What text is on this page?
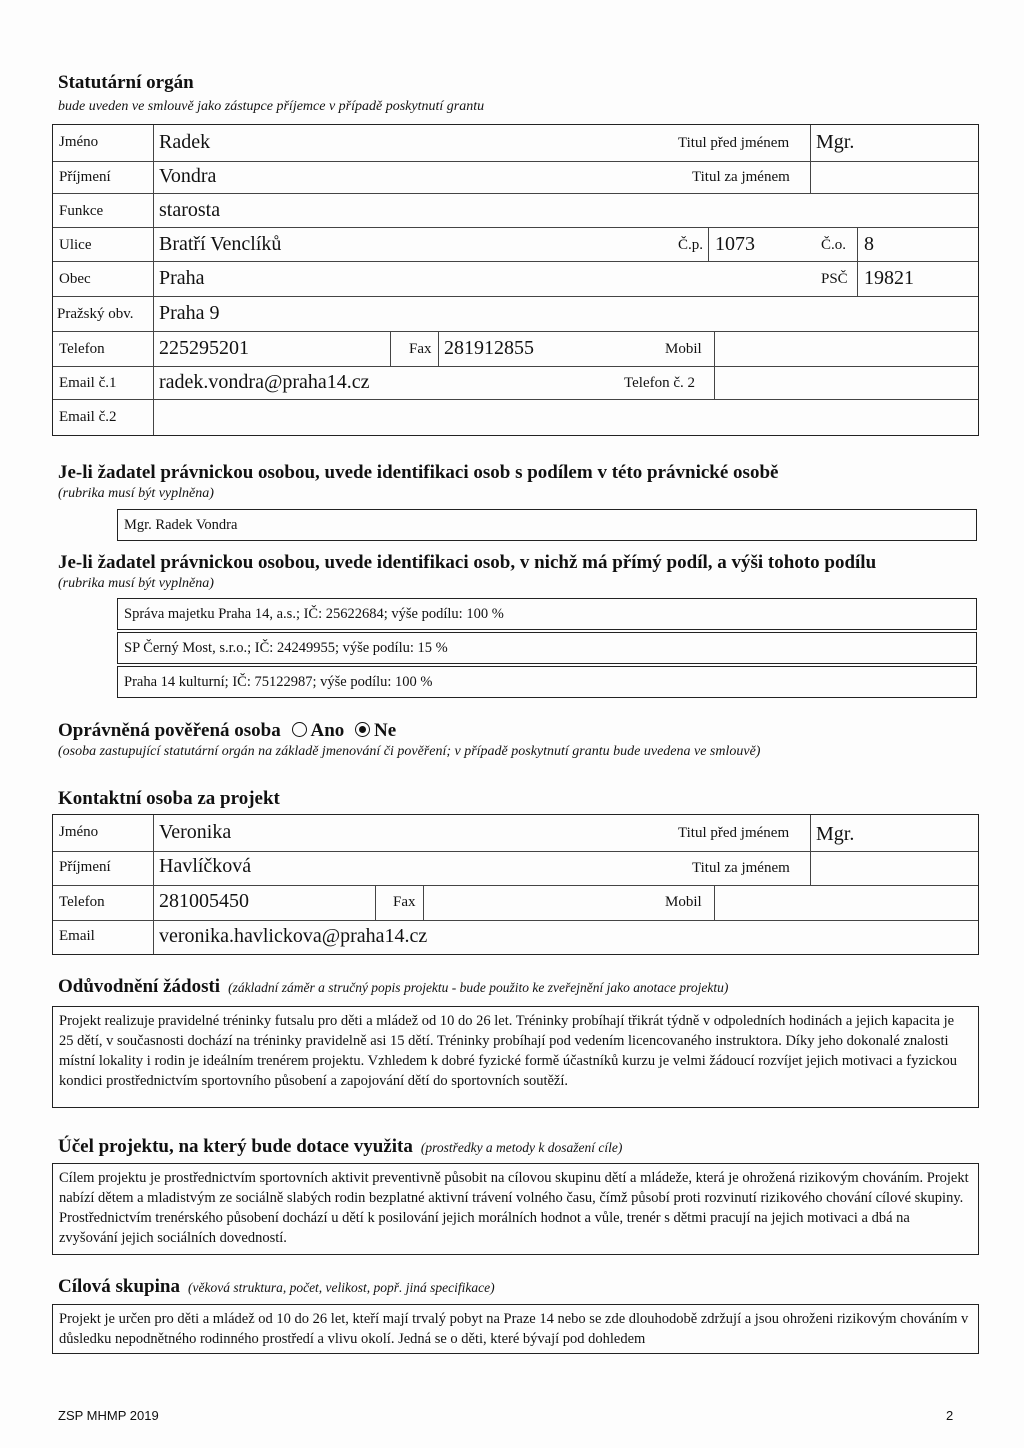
Statutární orgán
bude uveden ve smlouvě jako zástupce příjemce v případě poskytnutí grantu
Jméno	Radek	Titul před jménem Mgr.
Příjmení Vondra	Titul za jménem
Funkce	starosta
Ulice	Bratří Venclíků	Č.p. 1073	Č.o. 8
Obec	Praha	PSČ 19821
Pražský obv. Praha 9
Telefon	225295201	Fax 281912855	Mobil
Email č.1 radek.vondra@praha14.cz	Telefon č. 2
Email č.2
Je-li žadatel právnickou osobou, uvede identifikaci osob s podílem v této právnické osobě
(rubrika musí být vyplněna)
Mgr. Radek Vondra
Je-li žadatel právnickou osobou, uvede identifikaci osob, v nichž má přímý podíl, a výši tohoto podílu
(rubrika musí být vyplněna)
Správa majetku Praha 14, a.s.; IČ: 25622684; výše podílu: 100 %
SP Černý Most, s.r.o.; IČ: 24249955; výše podílu: 15 %
Praha 14 kulturní; IČ: 75122987; výše podílu: 100 %
Oprávněná pověřená osoba Ano Ne
(osoba zastupující statutární orgán na základě jmenování či pověření; v případě poskytnutí grantu bude uvedena ve smlouvě)
Kontaktní osoba za projekt
Jméno	Veronika	Titul před jménem Mgr.
Příjmení Havlíčková	Titul za jménem
Telefon	281005450	Fax	Mobil
Email	veronika.havlickova@praha14.cz
Odůvodnění žádosti (základní záměr a stručný popis projektu - bude použito ke zveřejnění jako anotace projektu)
Projekt realizuje pravidelné tréninky futsalu pro děti a mládež od 10 do 26 let. Tréninky probíhají třikrát týdně v odpoledních hodinách a jejich kapacita je 25 dětí, v současnosti dochází na tréninky pravidelně asi 15 dětí. Tréninky probíhají pod vedením licencovaného instruktora. Díky jeho dokonalé znalosti místní lokality i rodin je ideálním trenérem projektu. Vzhledem k dobré fyzické formě účastníků kurzu je velmi žádoucí rozvíjet jejich motivaci a fyzickou kondici prostřednictvím sportovního působení a zapojování dětí do sportovních soutěží.
Účel projektu, na který bude dotace využita (prostředky a metody k dosažení cíle)
Cílem projektu je prostřednictvím sportovních aktivit preventivně působit na cílovou skupinu dětí a mládeže, která je ohrožená rizikovým chováním. Projekt nabízí dětem a mladistvým ze sociálně slabých rodin bezplatné aktivní trávení volného času, čímž působí proti rozvinutí rizikového chování cílové skupiny. Prostřednictvím trenérského působení dochází u dětí k posilování jejich morálních hodnot a vůle, trenér s dětmi pracují na jejich motivaci a dbá na zvyšování jejich sociálních dovedností.
Cílová skupina (věková struktura, počet, velikost, popř. jiná specifikace)
Projekt je určen pro děti a mládež od 10 do 26 let, kteří mají trvalý pobyt na Praze 14 nebo se zde dlouhodobě zdržují a jsou ohroženi rizikovým chováním v důsledku nepodnětného rodinného prostředí a vlivu okolí. Jedná se o děti, které bývají pod dohledem
ZSP MHMP 2019	2
